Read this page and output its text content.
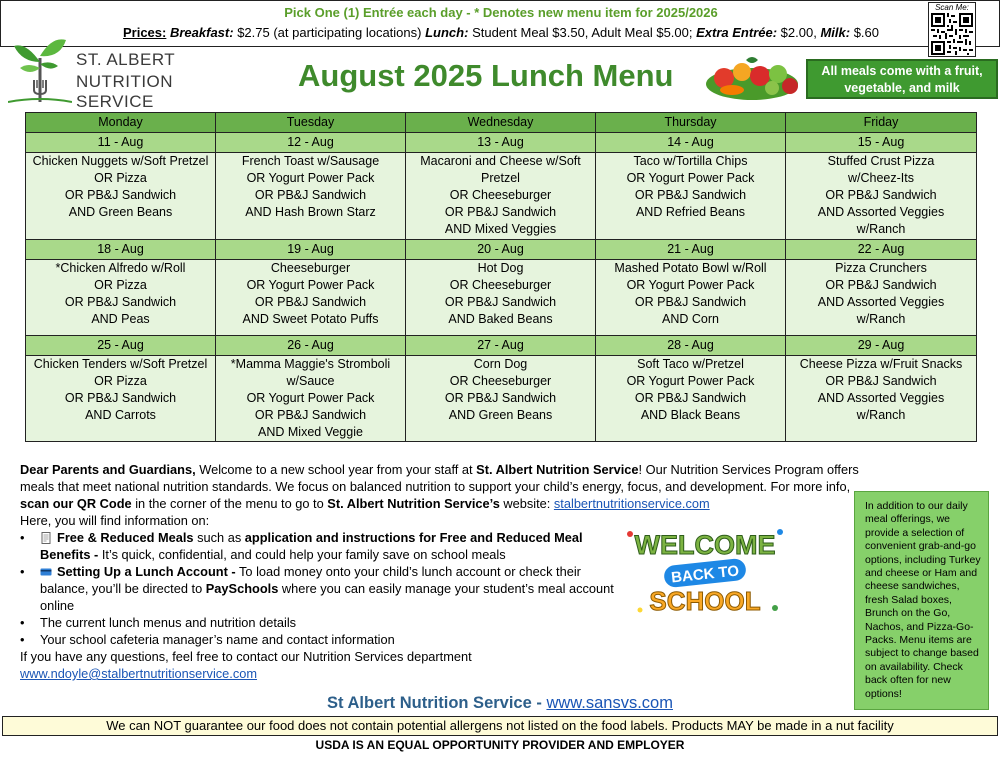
Pick One (1) Entrée each day - * Denotes new menu item for 2025/2026
Prices: Breakfast: $2.75 (at participating locations) Lunch: Student Meal $3.50, Adult Meal $5.00; Extra Entrée: $2.00, Milk: $.60
Scan Me:
ST. ALBERT
NUTRITION SERVICE
August 2025 Lunch Menu	All meals come with a fruit, vegetable, and milk
Monday	Tuesday	Wednesday	Thursday	Friday
11 - Aug	12 - Aug	13 - Aug	14 - Aug	15 - Aug
Chicken Nuggets w/Soft Pretzel
OR Pizza
OR PB&J Sandwich
AND Green Beans	French Toast w/Sausage
OR Yogurt Power Pack
OR PB&J Sandwich
AND Hash Brown Starz	Macaroni and Cheese w/Soft
Pretzel
OR Cheeseburger
OR PB&J Sandwich
AND Mixed Veggies	Taco w/Tortilla Chips
OR Yogurt Power Pack
OR PB&J Sandwich
AND Refried Beans	Stuffed Crust Pizza
w/Cheez-Its
OR PB&J Sandwich
AND Assorted Veggies
w/Ranch
18 - Aug	19 - Aug	20 - Aug	21 - Aug	22 - Aug
*Chicken Alfredo w/Roll
OR Pizza
OR PB&J Sandwich
AND Peas	Cheeseburger
OR Yogurt Power Pack
OR PB&J Sandwich
AND Sweet Potato Puffs	Hot Dog
OR Cheeseburger
OR PB&J Sandwich
AND Baked Beans	Mashed Potato Bowl w/Roll
OR Yogurt Power Pack
OR PB&J Sandwich
AND Corn	Pizza Crunchers
OR PB&J Sandwich
AND Assorted Veggies
w/Ranch
25 - Aug	26 - Aug	27 - Aug	28 - Aug	29 - Aug
Chicken Tenders w/Soft Pretzel
OR Pizza
OR PB&J Sandwich
AND Carrots	*Mamma Maggie's Stromboli
w/Sauce
OR Yogurt Power Pack
OR PB&J Sandwich
AND Mixed Veggie	Corn Dog
OR Cheeseburger
OR PB&J Sandwich
AND Green Beans	Soft Taco w/Pretzel
OR Yogurt Power Pack
OR PB&J Sandwich
AND Black Beans	Cheese Pizza w/Fruit Snacks
OR PB&J Sandwich
AND Assorted Veggies
w/Ranch
Dear Parents and Guardians, Welcome to a new school year from your staff at St. Albert Nutrition Service! Our Nutrition Services Program offers meals that meet national nutrition standards. We focus on balanced nutrition to support your child’s energy, focus, and development. For more info, scan our QR Code in the corner of the menu to go to St. Albert Nutrition Service’s website: stalbertnutritionservice.com
Here, you will find information on:
•	Free & Reduced Meals such as application and instructions for Free and Reduced Meal Benefits - It’s quick, confidential, and could help your family save on school meals
•	Setting Up a Lunch Account - To load money onto your child’s lunch account or check their balance, you’ll be directed to PaySchools where you can easily manage your student’s meal account online
• The current lunch menus and nutrition details
• Your school cafeteria manager’s name and contact information
If you have any questions, feel free to contact our Nutrition Services department
www.ndoyle@stalbertnutritionservice.com
WELCOME
BACK TO
SCHOOL
In addition to our daily meal offerings, we provide a selection of convenient grab-and-go options, including Turkey and cheese or Ham and cheese sandwiches, fresh Salad boxes, Brunch on the Go, Nachos, and Pizza-Go-Packs. Menu items are subject to change based on availability. Check back often for new options!
St Albert Nutrition Service - www.sansvs.com
We can NOT guarantee our food does not contain potential allergens not listed on the food labels. Products MAY be made in a nut facility
USDA IS AN EQUAL OPPORTUNITY PROVIDER AND EMPLOYER
